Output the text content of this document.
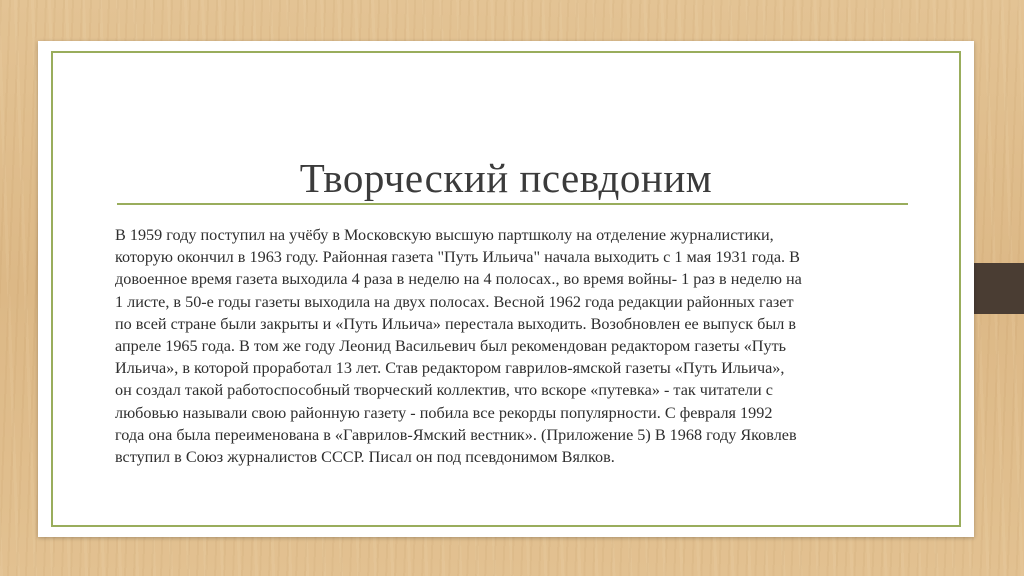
Творческий псевдоним
В 1959 году поступил на учёбу в Московскую высшую партшколу на отделение журналистики,
которую окончил в 1963 году. Районная газета "Путь Ильича" начала выходить с 1 мая 1931 года. В
довоенное время газета выходила 4 раза в неделю на 4 полосах., во время войны- 1 раз в неделю на
1 листе, в 50-е годы газеты выходила на двух полосах. Весной 1962 года редакции районных газет
по всей стране были закрыты и «Путь Ильича» перестала выходить. Возобновлен ее выпуск был в
апреле 1965 года. В том же году Леонид Васильевич был рекомендован редактором газеты «Путь
Ильича», в которой проработал 13 лет. Став редактором гаврилов-ямской газеты «Путь Ильича»,
он создал такой работоспособный творческий коллектив, что вскоре «путевка» - так читатели с
любовью называли свою районную газету - побила все рекорды популярности. С февраля 1992
года она была переименована в «Гаврилов-Ямский вестник». (Приложение 5) В 1968 году Яковлев
вступил в Союз журналистов СССР. Писал он под псевдонимом Вялков.
